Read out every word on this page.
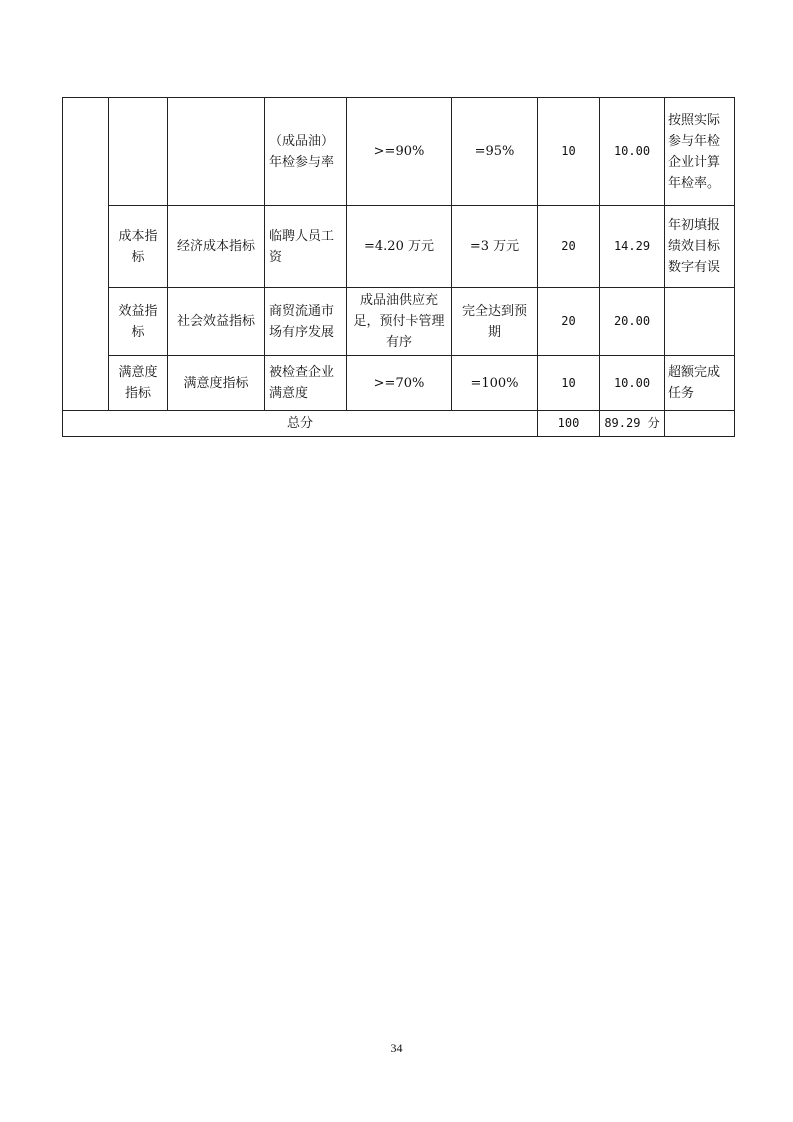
			（成品油）年检参与率	>=90%	=95%	10	10.00	按照实际参与年检企业计算年检率。
	成本指标	经济成本指标	临聘人员工资	=4.20 万元	=3 万元	20	14.29	年初填报绩效目标数字有误
	效益指标	社会效益指标	商贸流通市场有序发展	成品油供应充足，预付卡管理有序	完全达到预期	20	20.00	
	满意度指标	满意度指标	被检查企业满意度	>=70%	=100%	10	10.00	超额完成任务
总分						100	89.29 分	
34
